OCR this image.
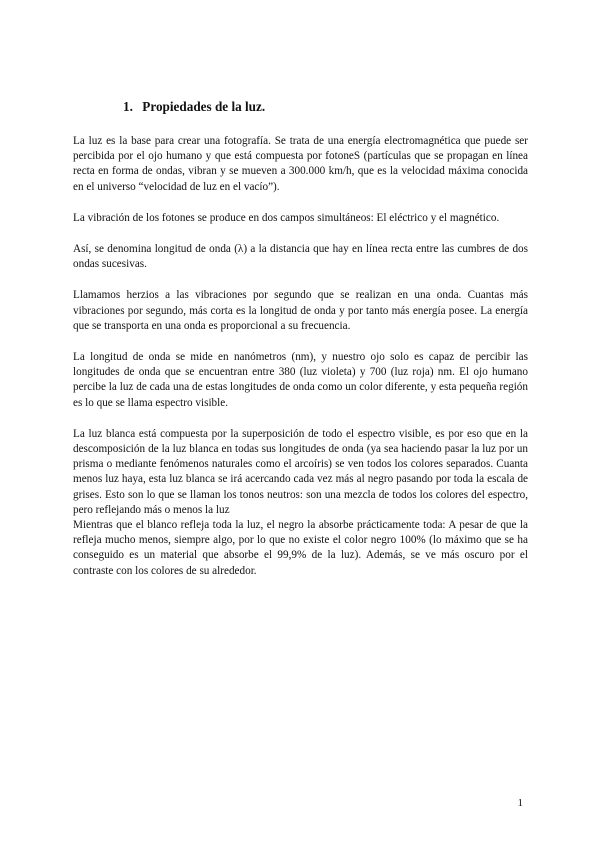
1. Propiedades de la luz.

La luz es la base para crear una fotografía. Se trata de una energía electromagnética que puede ser percibida por el ojo humano y que está compuesta por fotoneS (partículas que se propagan en línea recta en forma de ondas, vibran y se mueven a 300.000 km/h, que es la velocidad máxima conocida en el universo “velocidad de luz en el vacío”).

La vibración de los fotones se produce en dos campos simultáneos: El eléctrico y el magnético.

Así, se denomina longitud de onda (λ) a la distancia que hay en línea recta entre las cumbres de dos ondas sucesivas.

Llamamos herzios a las vibraciones por segundo que se realizan en una onda. Cuantas más vibraciones por segundo, más corta es la longitud de onda y por tanto más energía posee. La energía que se transporta en una onda es proporcional a su frecuencia.

La longitud de onda se mide en nanómetros (nm), y nuestro ojo solo es capaz de percibir las longitudes de onda que se encuentran entre 380 (luz violeta) y 700 (luz roja) nm. El ojo humano percibe la luz de cada una de estas longitudes de onda como un color diferente, y esta pequeña región es lo que se llama espectro visible.

La luz blanca está compuesta por la superposición de todo el espectro visible, es por eso que en la descomposición de la luz blanca en todas sus longitudes de onda (ya sea haciendo pasar la luz por un prisma o mediante fenómenos naturales como el arcoíris) se ven todos los colores separados. Cuanta menos luz haya, esta luz blanca se irá acercando cada vez más al negro pasando por toda la escala de grises. Esto son lo que se llaman los tonos neutros: son una mezcla de todos los colores del espectro, pero reflejando más o menos la luz

Mientras que el blanco refleja toda la luz, el negro la absorbe prácticamente toda: A pesar de que la refleja mucho menos, siempre algo, por lo que no existe el color negro 100% (lo máximo que se ha conseguido es un material que absorbe el 99,9% de la luz). Además, se ve más oscuro por el contraste con los colores de su alrededor.

1
